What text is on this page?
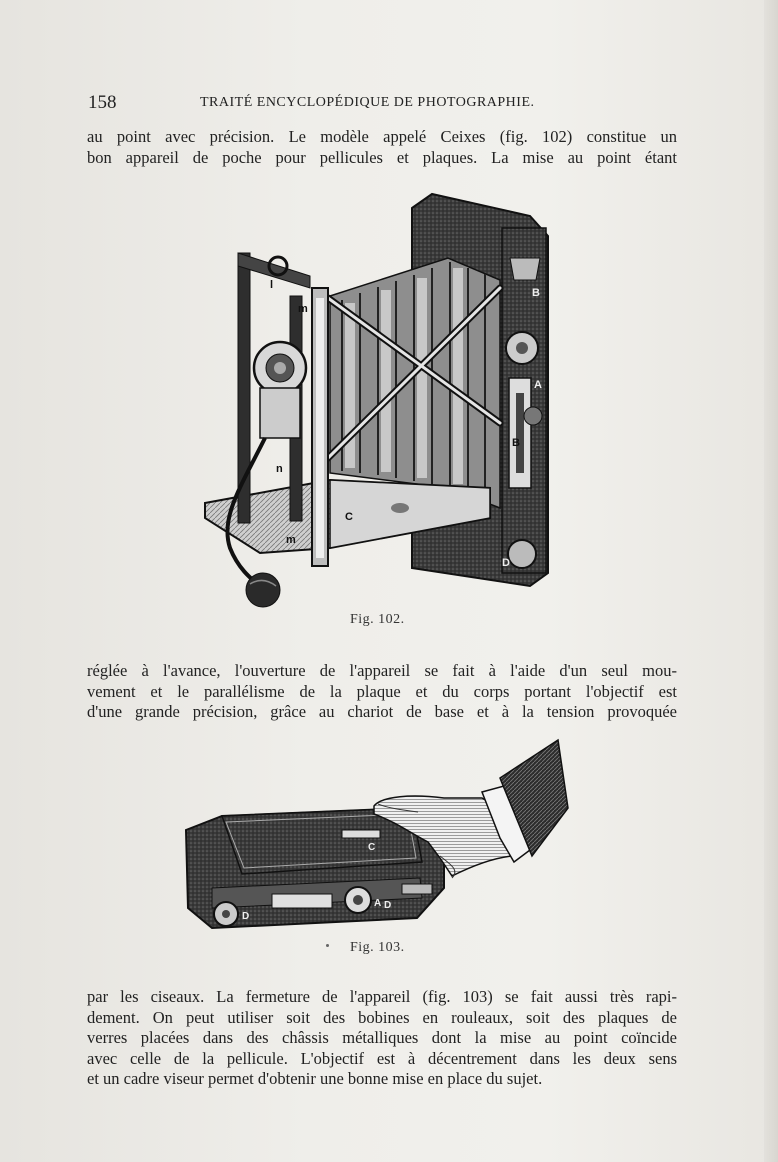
158	TRAITÉ ENCYCLOPÉDIQUE DE PHOTOGRAPHIE.
au point avec précision. Le modèle appelé Ceixes (fig. 102) constitue un
bon appareil de poche pour pellicules et plaques. La mise au point étant
m
n
C
m
l
B
A
B
D
Fig. 102.
réglée à l'avance, l'ouverture de l'appareil se fait à l'aide d'un seul mou-
vement et le parallélisme de la plaque et du corps portant l'objectif est
d'une grande précision, grâce au chariot de base et à la tension provoquée
D
A D
C
Fig. 103.
par les ciseaux. La fermeture de l'appareil (fig. 103) se fait aussi très rapi-
dement. On peut utiliser soit des bobines en rouleaux, soit des plaques de
verres placées dans des châssis métalliques dont la mise au point coïncide
avec celle de la pellicule. L'objectif est à décentrement dans les deux sens
et un cadre viseur permet d'obtenir une bonne mise en place du sujet.
